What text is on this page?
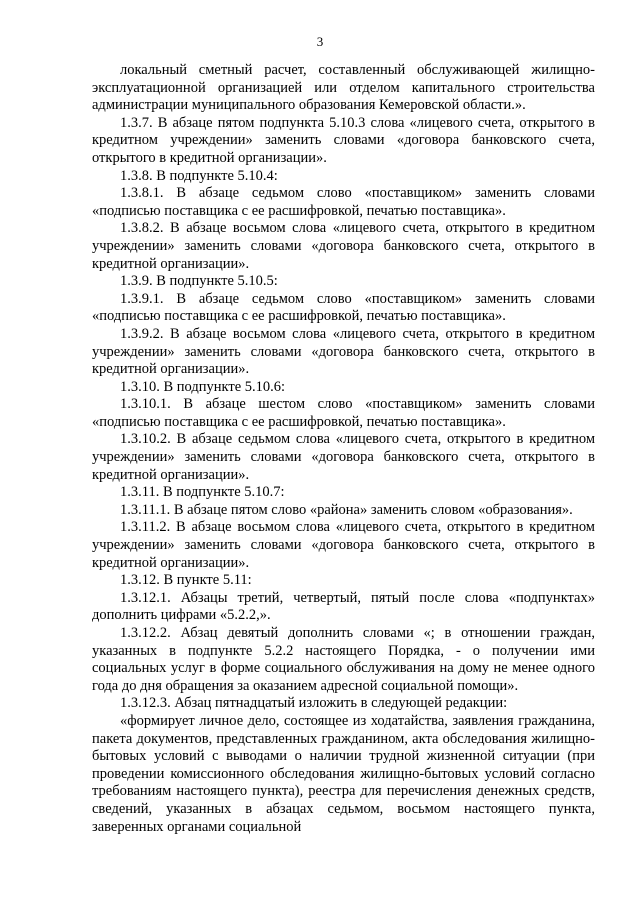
3

локальный сметный расчет, составленный обслуживающей жилищно-эксплуатационной организацией или отделом капитального строительства администрации муниципального образования Кемеровской области.».

1.3.7. В абзаце пятом подпункта 5.10.3 слова «лицевого счета, открытого в кредитном учреждении» заменить словами «договора банковского счета, открытого в кредитной организации».

1.3.8. В подпункте 5.10.4:

1.3.8.1. В абзаце седьмом слово «поставщиком» заменить словами «подписью поставщика с ее расшифровкой, печатью поставщика».

1.3.8.2. В абзаце восьмом слова «лицевого счета, открытого в кредитном учреждении» заменить словами «договора банковского счета, открытого в кредитной организации».

1.3.9. В подпункте 5.10.5:

1.3.9.1. В абзаце седьмом слово «поставщиком» заменить словами «подписью поставщика с ее расшифровкой, печатью поставщика».

1.3.9.2. В абзаце восьмом слова «лицевого счета, открытого в кредитном учреждении» заменить словами «договора банковского счета, открытого в кредитной организации».

1.3.10. В подпункте 5.10.6:

1.3.10.1. В абзаце шестом слово «поставщиком» заменить словами «подписью поставщика с ее расшифровкой, печатью поставщика».

1.3.10.2. В абзаце седьмом слова «лицевого счета, открытого в кредитном учреждении» заменить словами «договора банковского счета, открытого в кредитной организации».

1.3.11. В подпункте 5.10.7:

1.3.11.1. В абзаце пятом слово «района» заменить словом «образования».

1.3.11.2. В абзаце восьмом слова «лицевого счета, открытого в кредитном учреждении» заменить словами «договора банковского счета, открытого в кредитной организации».

1.3.12. В пункте 5.11:

1.3.12.1. Абзацы третий, четвертый, пятый после слова «подпунктах» дополнить цифрами «5.2.2,».

1.3.12.2. Абзац девятый дополнить словами «; в отношении граждан, указанных в подпункте 5.2.2 настоящего Порядка, - о получении ими социальных услуг в форме социального обслуживания на дому не менее одного года до дня обращения за оказанием адресной социальной помощи».

1.3.12.3. Абзац пятнадцатый изложить в следующей редакции:

«формирует личное дело, состоящее из ходатайства, заявления гражданина, пакета документов, представленных гражданином, акта обследования жилищно-бытовых условий с выводами о наличии трудной жизненной ситуации (при проведении комиссионного обследования жилищно-бытовых условий согласно требованиям настоящего пункта), реестра для перечисления денежных средств, сведений, указанных в абзацах седьмом, восьмом настоящего пункта, заверенных органами социальной
